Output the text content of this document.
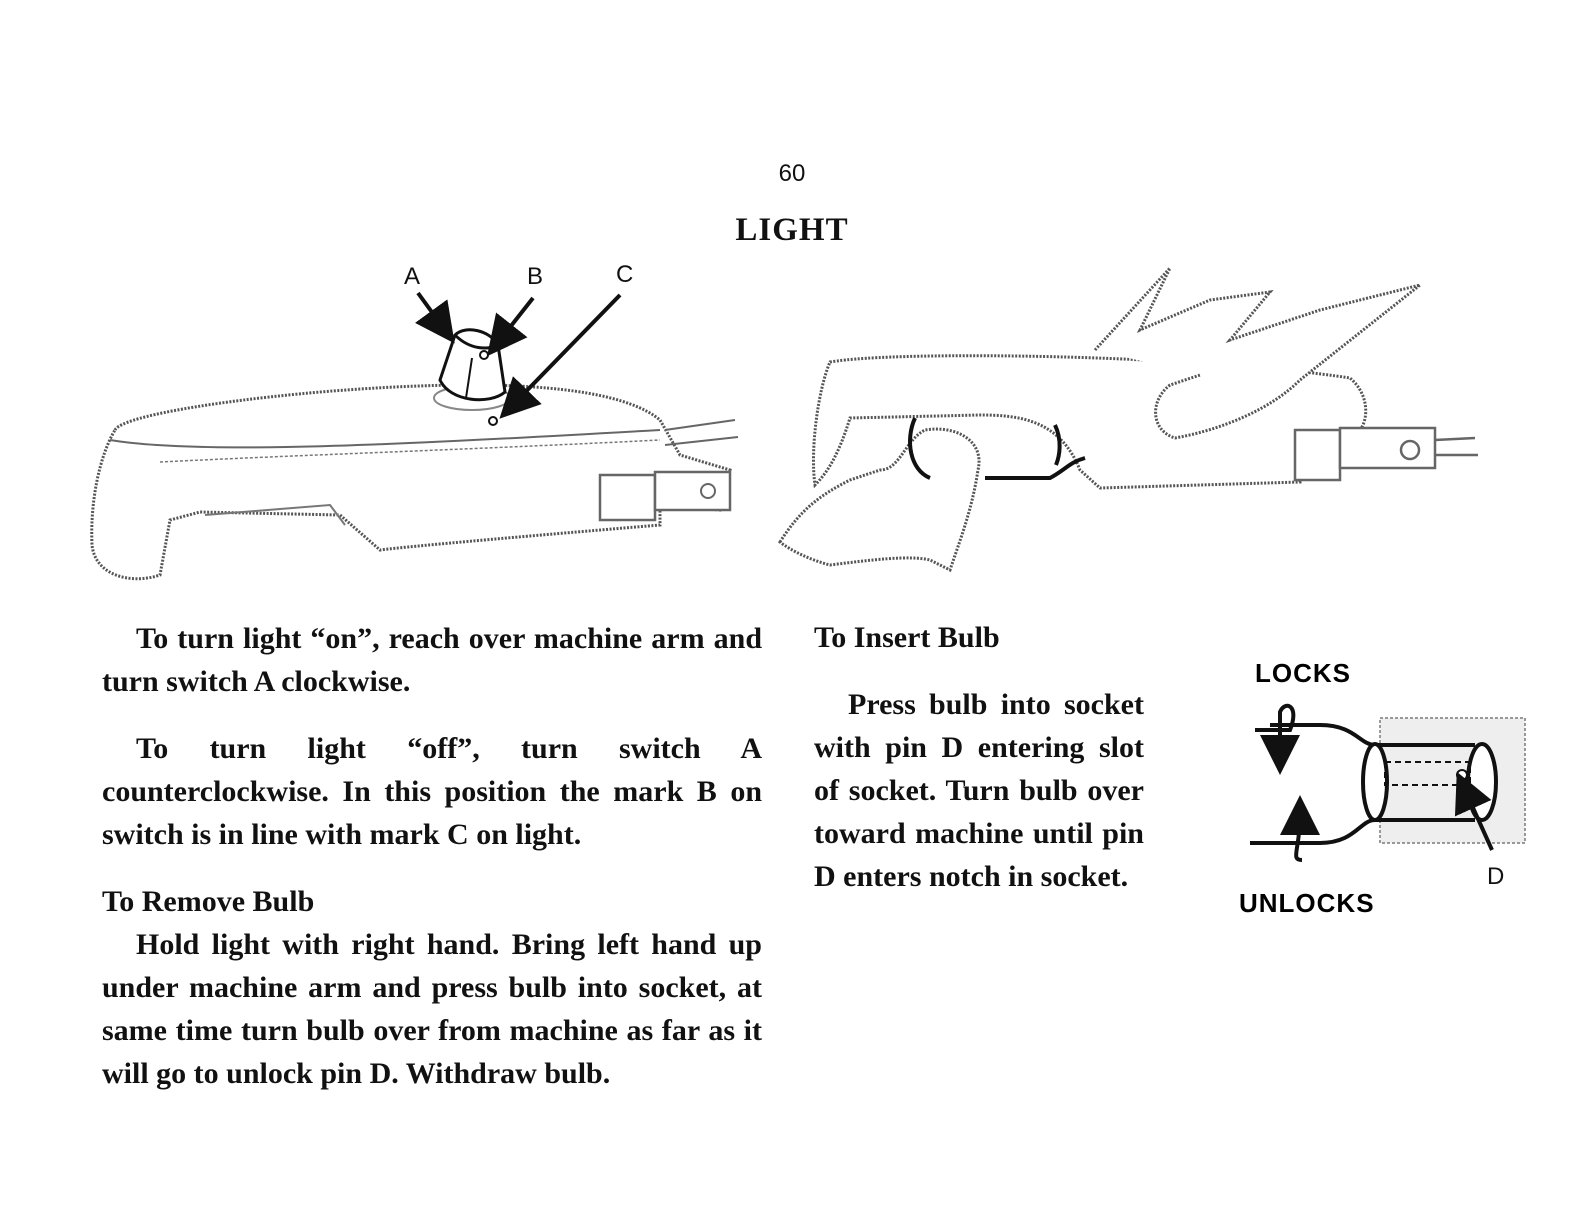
60
LIGHT
A	B	C
LOCKS
UNLOCKS
D

To turn light “on”, reach over machine arm and turn switch A clockwise.

To turn light “off”, turn switch A counterclockwise. In this position the mark B on switch is in line with mark C on light.

To Remove Bulb

Hold light with right hand. Bring left hand up under machine arm and press bulb into socket, at same time turn bulb over from machine as far as it will go to unlock pin D. Withdraw bulb.

To Insert Bulb

Press bulb into socket with pin D entering slot of socket. Turn bulb over toward machine until pin D enters notch in socket.
